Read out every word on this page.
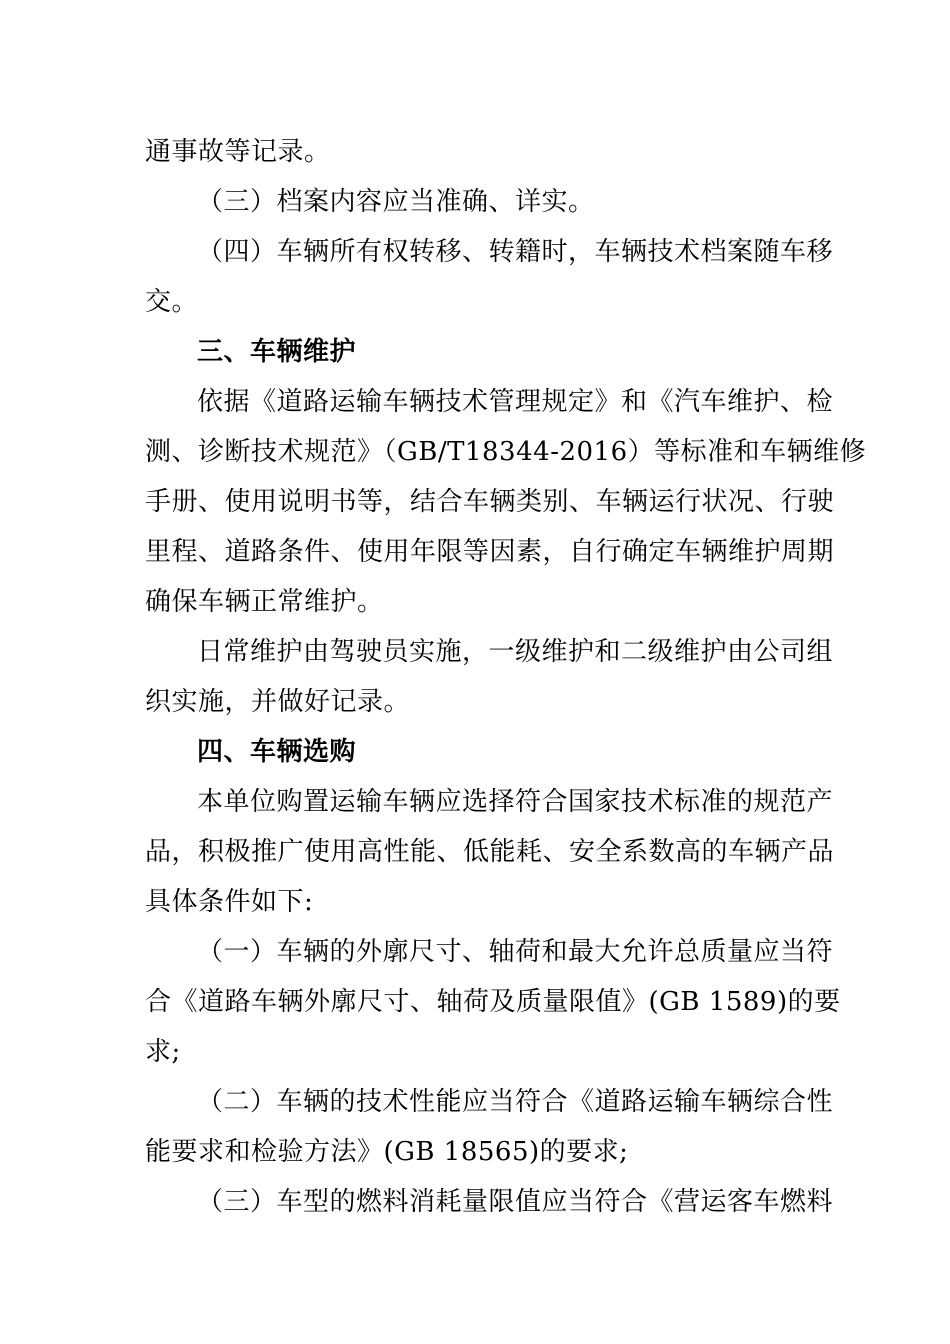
通事故等记录。
（三）档案内容应当准确、详实。
（四）车辆所有权转移、转籍时，车辆技术档案随车移
交。
三、车辆维护
依据《道路运输车辆技术管理规定》和《汽车维护、检
测、诊断技术规范》（GB/T18344-2016）等标准和车辆维修
手册、使用说明书等，结合车辆类别、车辆运行状况、行驶
里程、道路条件、使用年限等因素，自行确定车辆维护周期
确保车辆正常维护。
日常维护由驾驶员实施，一级维护和二级维护由公司组
织实施，并做好记录。
四、车辆选购
本单位购置运输车辆应选择符合国家技术标准的规范产
品，积极推广使用高性能、低能耗、安全系数高的车辆产品
具体条件如下:
（一）车辆的外廓尺寸、轴荷和最大允许总质量应当符
合《道路车辆外廓尺寸、轴荷及质量限值》(GB 1589)的要
求;
（二）车辆的技术性能应当符合《道路运输车辆综合性
能要求和检验方法》(GB 18565)的要求;
（三）车型的燃料消耗量限值应当符合《营运客车燃料
